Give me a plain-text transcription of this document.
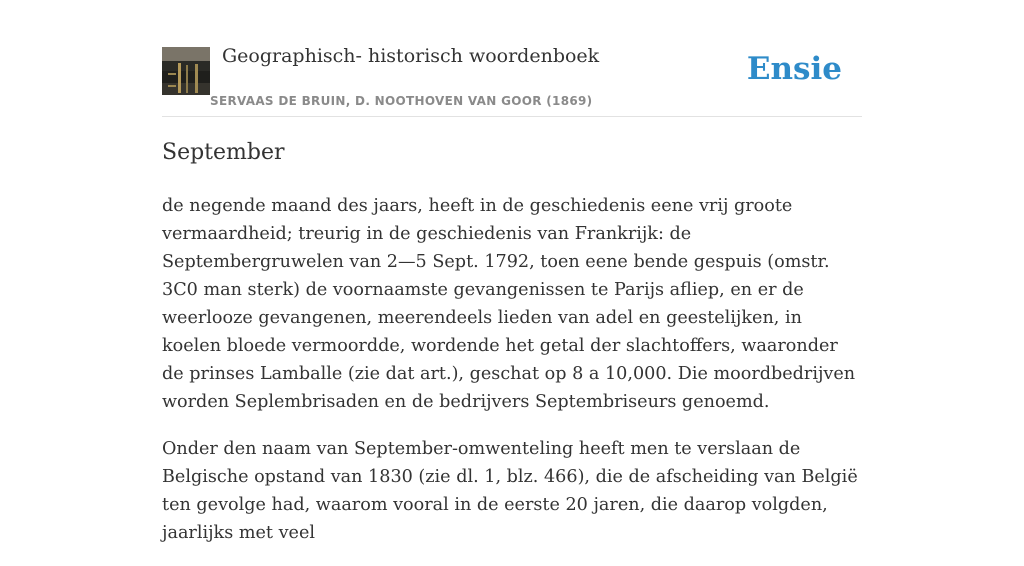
Geographisch- historisch woordenboek
SERVAAS DE BRUIN, D. NOOTHOVEN VAN GOOR (1869)
Ensie
September

de negende maand des jaars, heeft in de geschiedenis eene vrij groote vermaardheid; treurig in de geschiedenis van Frankrijk: de Septembergruwelen van 2—5 Sept. 1792, toen eene bende gespuis (omstr. 3C0 man sterk) de voornaamste gevangenissen te Parijs afliep, en er de weerlooze gevangenen, meerendeels lieden van adel en geestelijken, in koelen bloede vermoordde, wordende het getal der slachtoffers, waaronder de prinses Lamballe (zie dat art.), geschat op 8 a 10,000. Die moordbedrijven worden Seplembrisaden en de bedrijvers Septembriseurs genoemd.

Onder den naam van September-omwenteling heeft men te verslaan de Belgische opstand van 1830 (zie dl. 1, blz. 466), die de afscheiding van België ten gevolge had, waarom vooral in de eerste 20 jaren, die daarop volgden, jaarlijks met veel
